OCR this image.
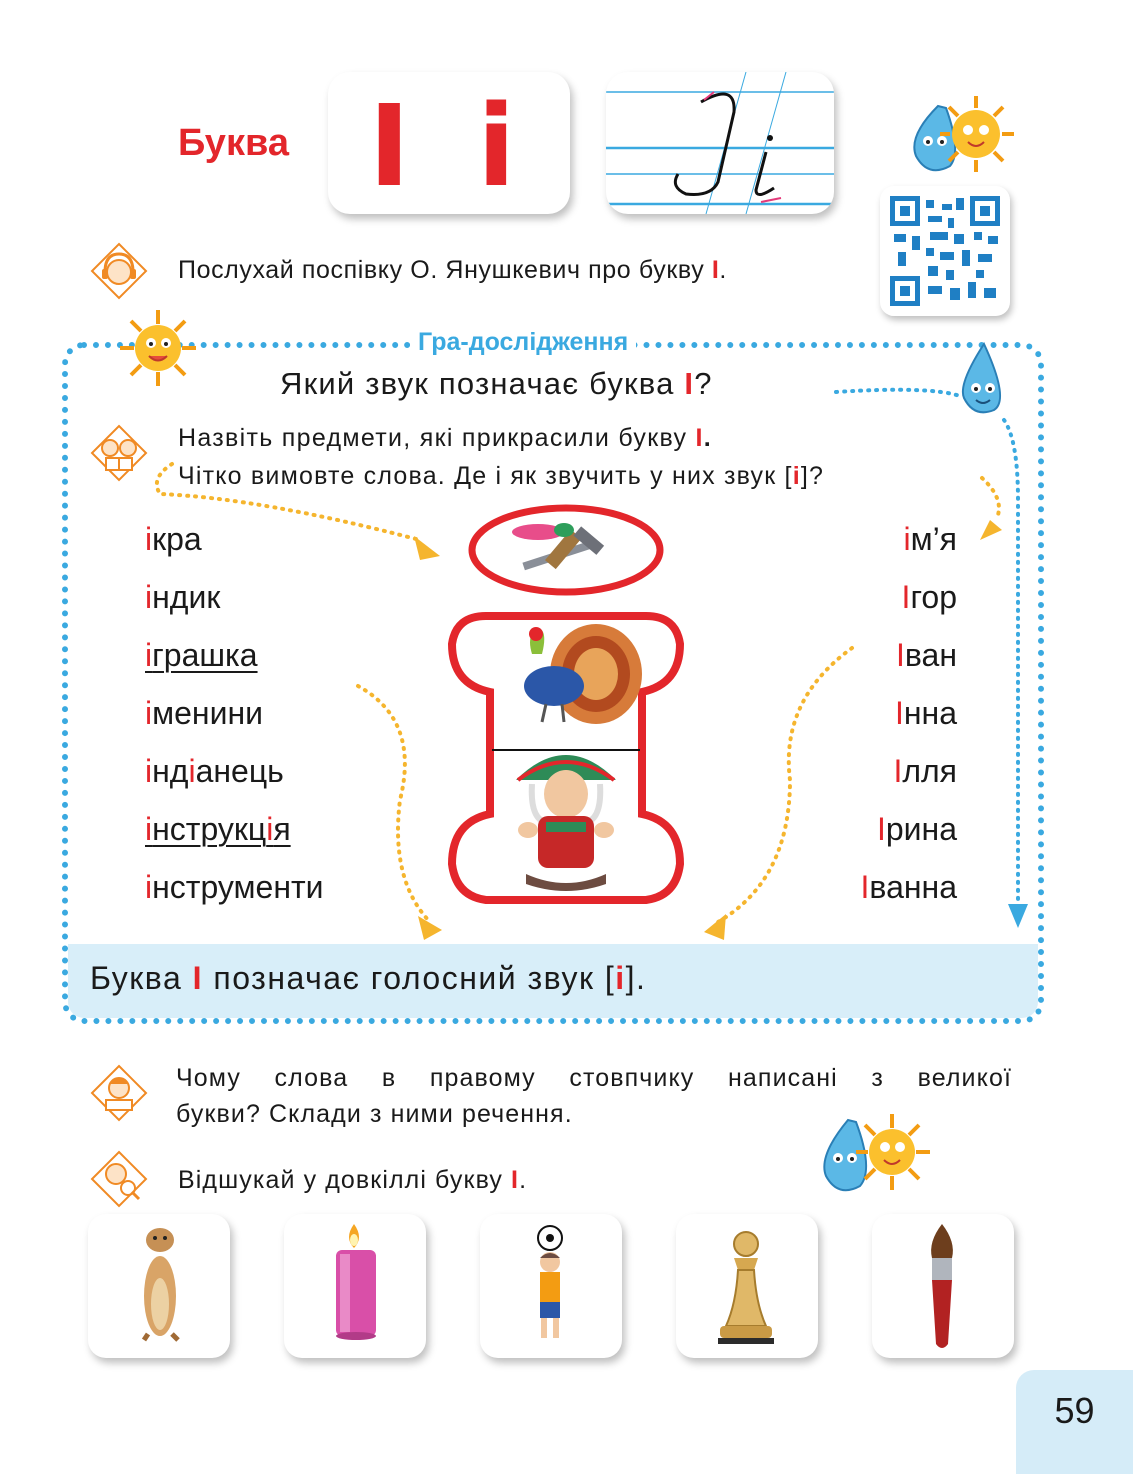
Буква І і
Послухай поспівку О. Янушкевич про букву І.
Буква І позначає голосний звук [і].
Гра-дослідження
Який звук позначає буква І?
Назвіть предмети, які прикрасили букву І.
Чітко вимовте слова. Де і як звучить у них звук [і]?
ікра
індик
іграшка
іменини
індіанець
інструкція
інструменти
ім’я
Ігор
Іван
Інна
Ілля
Ірина
Іванна
Чому слова в правому стовпчику написані з великої
букви? Склади з ними речення.
Відшукай у довкіллі букву І.
59
